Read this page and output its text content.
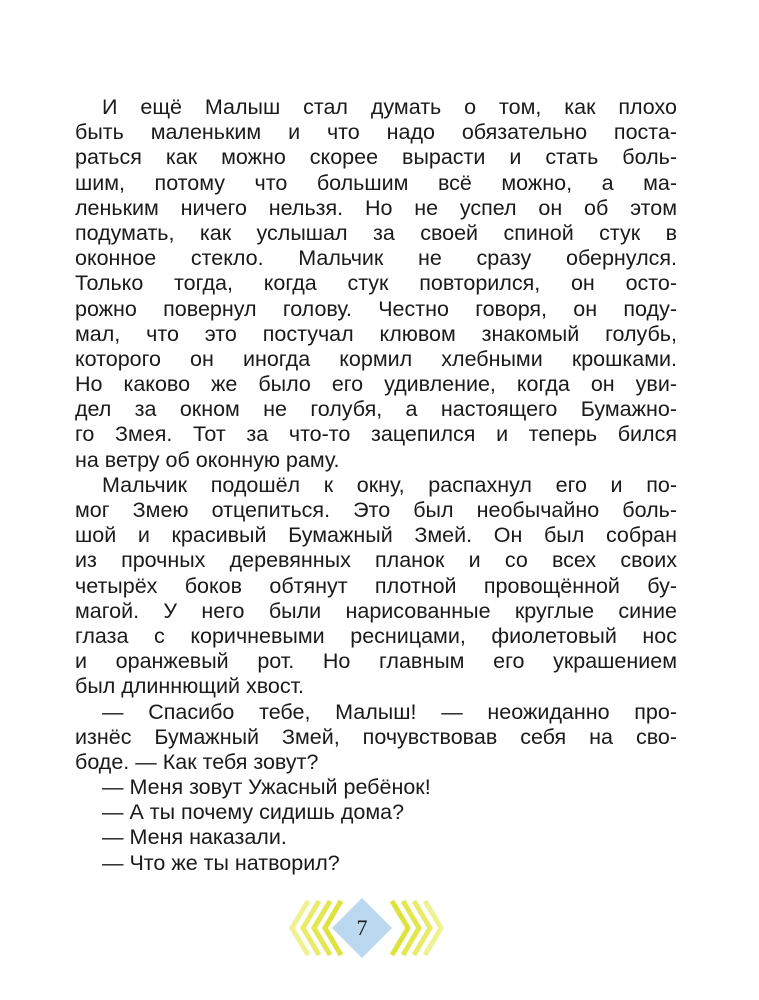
И ещё Малыш стал думать о том, как плохо
быть маленьким и что надо обязательно поста-
раться как можно скорее вырасти и стать боль-
шим, потому что большим всё можно, а ма-
леньким ничего нельзя. Но не успел он об этом
подумать, как услышал за своей спиной стук в
оконное стекло. Мальчик не сразу обернулся.
Только тогда, когда стук повторился, он осто-
рожно повернул голову. Честно говоря, он поду-
мал, что это постучал клювом знакомый голубь,
которого он иногда кормил хлебными крошками.
Но каково же было его удивление, когда он уви-
дел за окном не голубя, а настоящего Бумажно-
го Змея. Тот за что-то зацепился и теперь бился
на ветру об оконную раму.
Мальчик подошёл к окну, распахнул его и по-
мог Змею отцепиться. Это был необычайно боль-
шой и красивый Бумажный Змей. Он был собран
из прочных деревянных планок и со всех своих
четырёх боков обтянут плотной провощённой бу-
магой. У него были нарисованные круглые синие
глаза с коричневыми ресницами, фиолетовый нос
и оранжевый рот. Но главным его украшением
был длиннющий хвост.
— Спасибо тебе, Малыш! — неожиданно про-
изнёс Бумажный Змей, почувствовав себя на сво-
боде. — Как тебя зовут?
— Меня зовут Ужасный ребёнок!
— А ты почему сидишь дома?
— Меня наказали.
— Что же ты натворил?
7
